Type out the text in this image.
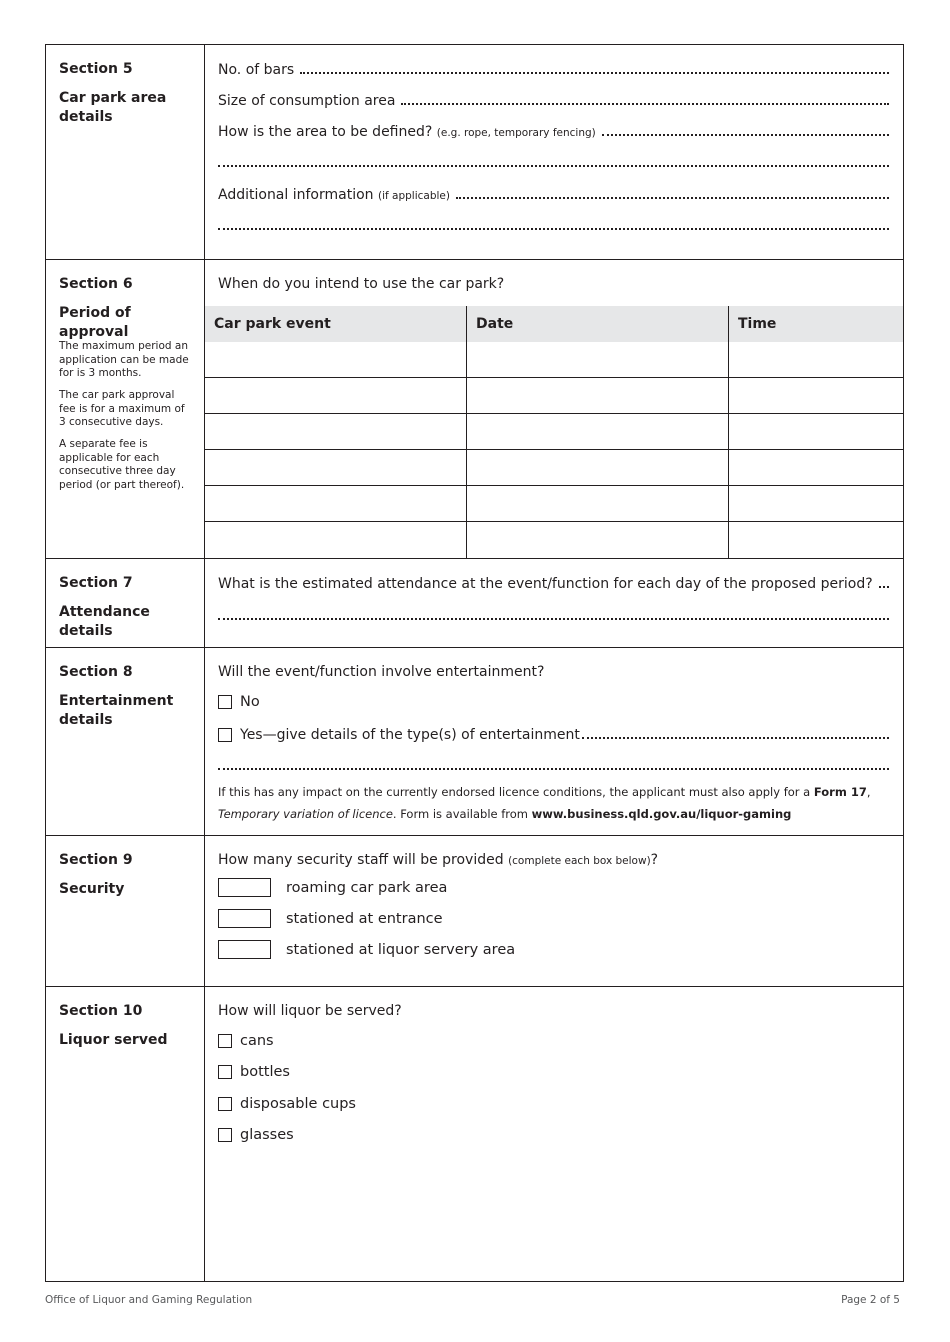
Section 5
Car park area details
No. of bars
Size of consumption area
How is the area to be defined? (e.g. rope, temporary fencing)
Additional information (if applicable)
Section 6
Period of approval
The maximum period an application can be made for is 3 months.
The car park approval fee is for a maximum of 3 consecutive days.
A separate fee is applicable for each consecutive three day period (or part thereof).
When do you intend to use the car park?
Car park event	Date	Time
Section 7
Attendance details
What is the estimated attendance at the event/function for each day of the proposed period?
Section 8
Entertainment details
Will the event/function involve entertainment?
No
Yes—give details of the type(s) of entertainment
If this has any impact on the currently endorsed licence conditions, the applicant must also apply for a Form 17, Temporary variation of licence. Form is available from www.business.qld.gov.au/liquor-gaming
Section 9
Security
How many security staff will be provided (complete each box below)?
roaming car park area
stationed at entrance
stationed at liquor servery area
Section 10
Liquor served
How will liquor be served?
cans
bottles
disposable cups
glasses
Office of Liquor and Gaming Regulation	Page 2 of 5
